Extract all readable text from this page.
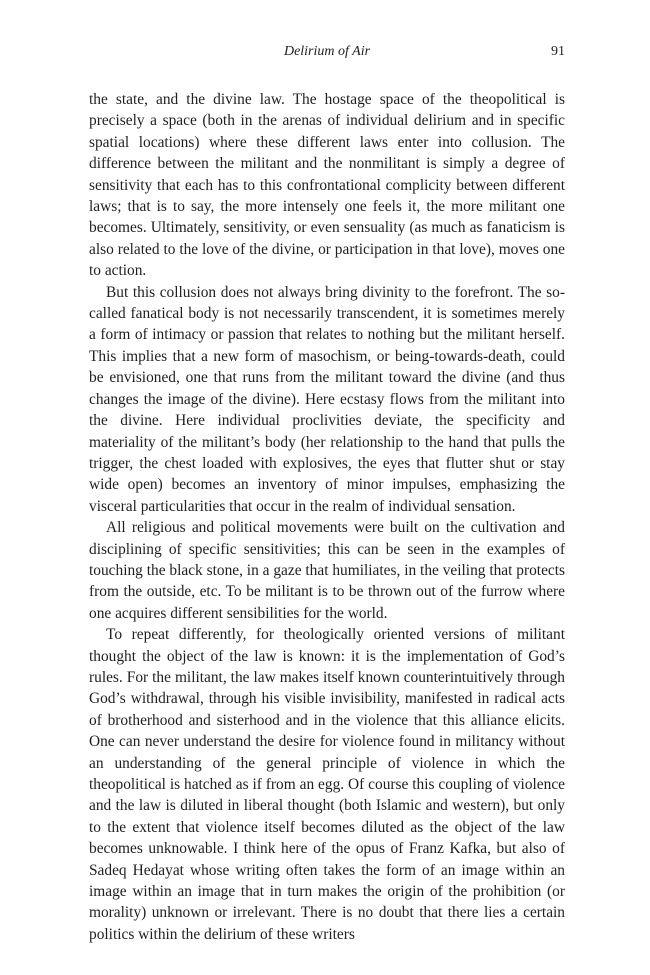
Delirium of Air	91

the state, and the divine law. The hostage space of the theopolitical is precisely a space (both in the arenas of individual delirium and in specific spatial locations) where these different laws enter into collusion. The difference between the militant and the nonmilitant is simply a degree of sensitivity that each has to this confrontational complicity between different laws; that is to say, the more intensely one feels it, the more militant one becomes. Ultimately, sensitivity, or even sensuality (as much as fanaticism is also related to the love of the divine, or participation in that love), moves one to action.

But this collusion does not always bring divinity to the forefront. The so-called fanatical body is not necessarily transcendent, it is sometimes merely a form of intimacy or passion that relates to nothing but the militant herself. This implies that a new form of masochism, or being-towards-death, could be envisioned, one that runs from the militant toward the divine (and thus changes the image of the divine). Here ecstasy flows from the militant into the divine. Here individual proclivities deviate, the specificity and materiality of the militant’s body (her relationship to the hand that pulls the trigger, the chest loaded with explosives, the eyes that flutter shut or stay wide open) becomes an inventory of minor impulses, emphasizing the visceral particularities that occur in the realm of individual sensation.

All religious and political movements were built on the cultivation and disciplining of specific sensitivities; this can be seen in the examples of touching the black stone, in a gaze that humiliates, in the veiling that protects from the outside, etc. To be militant is to be thrown out of the furrow where one acquires different sensibilities for the world.

To repeat differently, for theologically oriented versions of militant thought the object of the law is known: it is the implementation of God’s rules. For the militant, the law makes itself known counterintuitively through God’s withdrawal, through his visible invisibility, manifested in radical acts of brotherhood and sisterhood and in the violence that this alliance elicits. One can never understand the desire for violence found in militancy without an understanding of the general principle of violence in which the theopolitical is hatched as if from an egg. Of course this coupling of violence and the law is diluted in liberal thought (both Islamic and western), but only to the extent that violence itself becomes diluted as the object of the law becomes unknowable. I think here of the opus of Franz Kafka, but also of Sadeq Hedayat whose writing often takes the form of an image within an image within an image that in turn makes the origin of the prohibition (or morality) unknown or irrelevant. There is no doubt that there lies a certain politics within the delirium of these writers
